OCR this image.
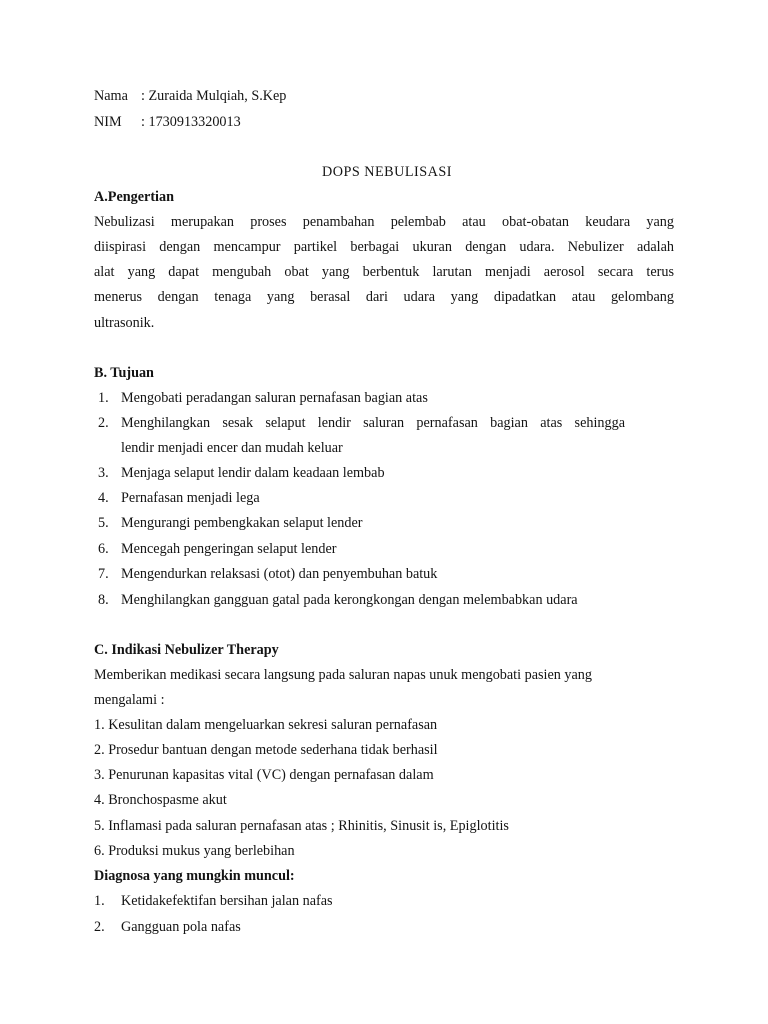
Nama : Zuraida Mulqiah, S.Kep
NIM : 1730913320013
DOPS NEBULISASI
A.Pengertian
Nebulizasi merupakan proses penambahan pelembab atau obat-obatan keudara yang
diispirasi dengan mencampur partikel berbagai ukuran dengan udara. Nebulizer adalah
alat yang dapat mengubah obat yang berbentuk larutan menjadi aerosol secara terus
menerus dengan tenaga yang berasal dari udara yang dipadatkan atau gelombang
ultrasonik.
B. Tujuan
1. Mengobati peradangan saluran pernafasan bagian atas
2. Menghilangkan sesak selaput lendir saluran pernafasan bagian atas sehingga
lendir menjadi encer dan mudah keluar
3. Menjaga selaput lendir dalam keadaan lembab
4. Pernafasan menjadi lega
5. Mengurangi pembengkakan selaput lender
6. Mencegah pengeringan selaput lender
7. Mengendurkan relaksasi (otot) dan penyembuhan batuk
8. Menghilangkan gangguan gatal pada kerongkongan dengan melembabkan udara
C. Indikasi Nebulizer Therapy
Memberikan medikasi secara langsung pada saluran napas unuk mengobati pasien yang
mengalami :
1. Kesulitan dalam mengeluarkan sekresi saluran pernafasan
2. Prosedur bantuan dengan metode sederhana tidak berhasil
3. Penurunan kapasitas vital (VC) dengan pernafasan dalam
4. Bronchospasme akut
5. Inflamasi pada saluran pernafasan atas ; Rhinitis, Sinusit is, Epiglotitis
6. Produksi mukus yang berlebihan
Diagnosa yang mungkin muncul:
1. Ketidakefektifan bersihan jalan nafas
2. Gangguan pola nafas
